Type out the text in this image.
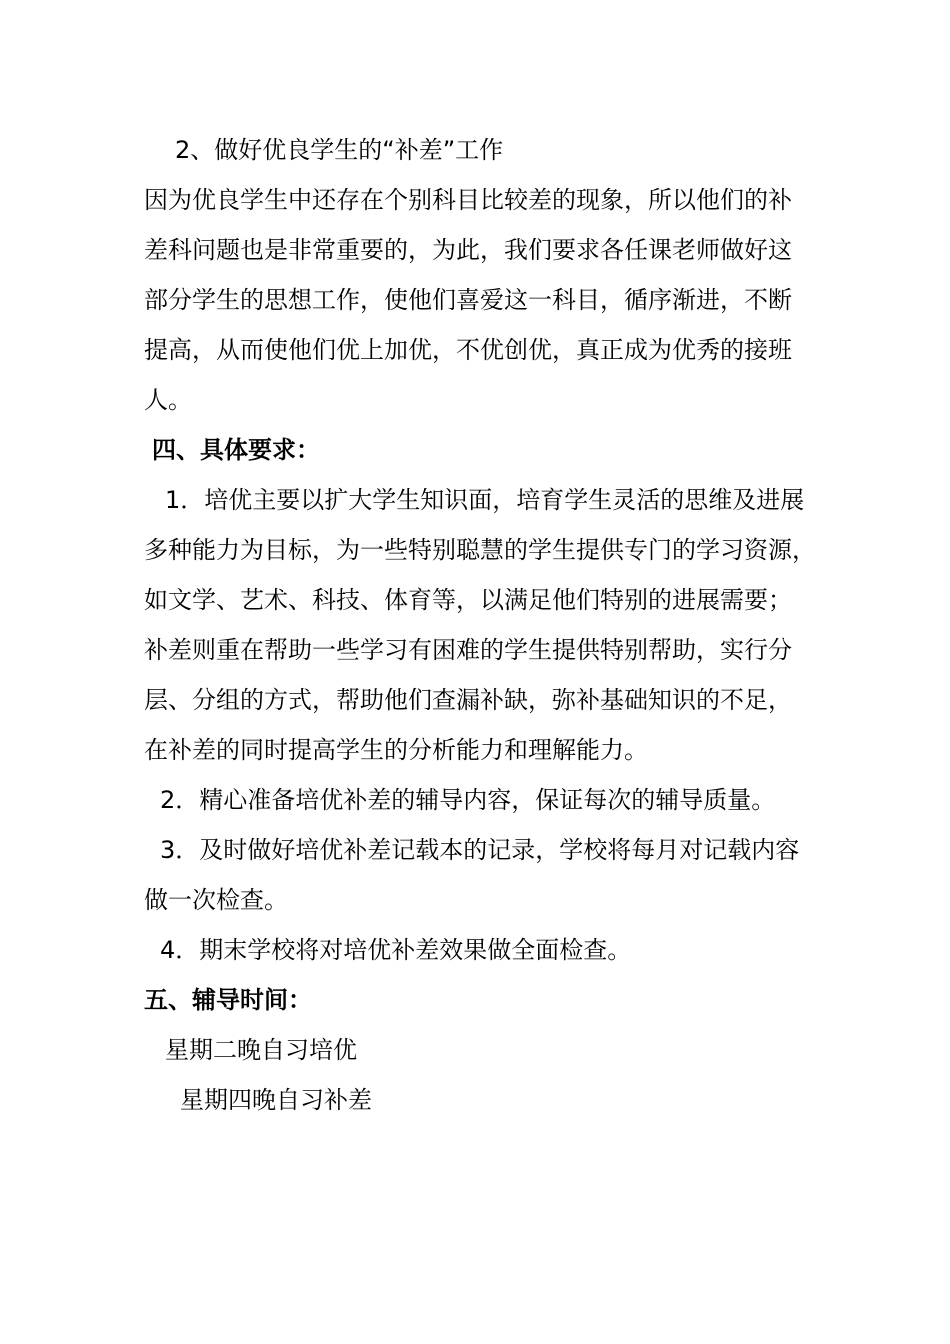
2、做好优良学生的“补差”工作
因为优良学生中还存在个别科目比较差的现象，所以他们的补
差科问题也是非常重要的，为此，我们要求各任课老师做好这
部分学生的思想工作，使他们喜爱这一科目，循序渐进，不断
提高，从而使他们优上加优，不优创优，真正成为优秀的接班
人。
四、具体要求：
1．培优主要以扩大学生知识面，培育学生灵活的思维及进展
多种能力为目标，为一些特别聪慧的学生提供专门的学习资源，
如文学、艺术、科技、体育等，以满足他们特别的进展需要；
补差则重在帮助一些学习有困难的学生提供特别帮助，实行分
层、分组的方式，帮助他们查漏补缺，弥补基础知识的不足，
在补差的同时提高学生的分析能力和理解能力。
2．精心准备培优补差的辅导内容，保证每次的辅导质量。
3．及时做好培优补差记载本的记录，学校将每月对记载内容
做一次检查。
4．期末学校将对培优补差效果做全面检查。
五、辅导时间：
星期二晚自习培优
星期四晚自习补差
